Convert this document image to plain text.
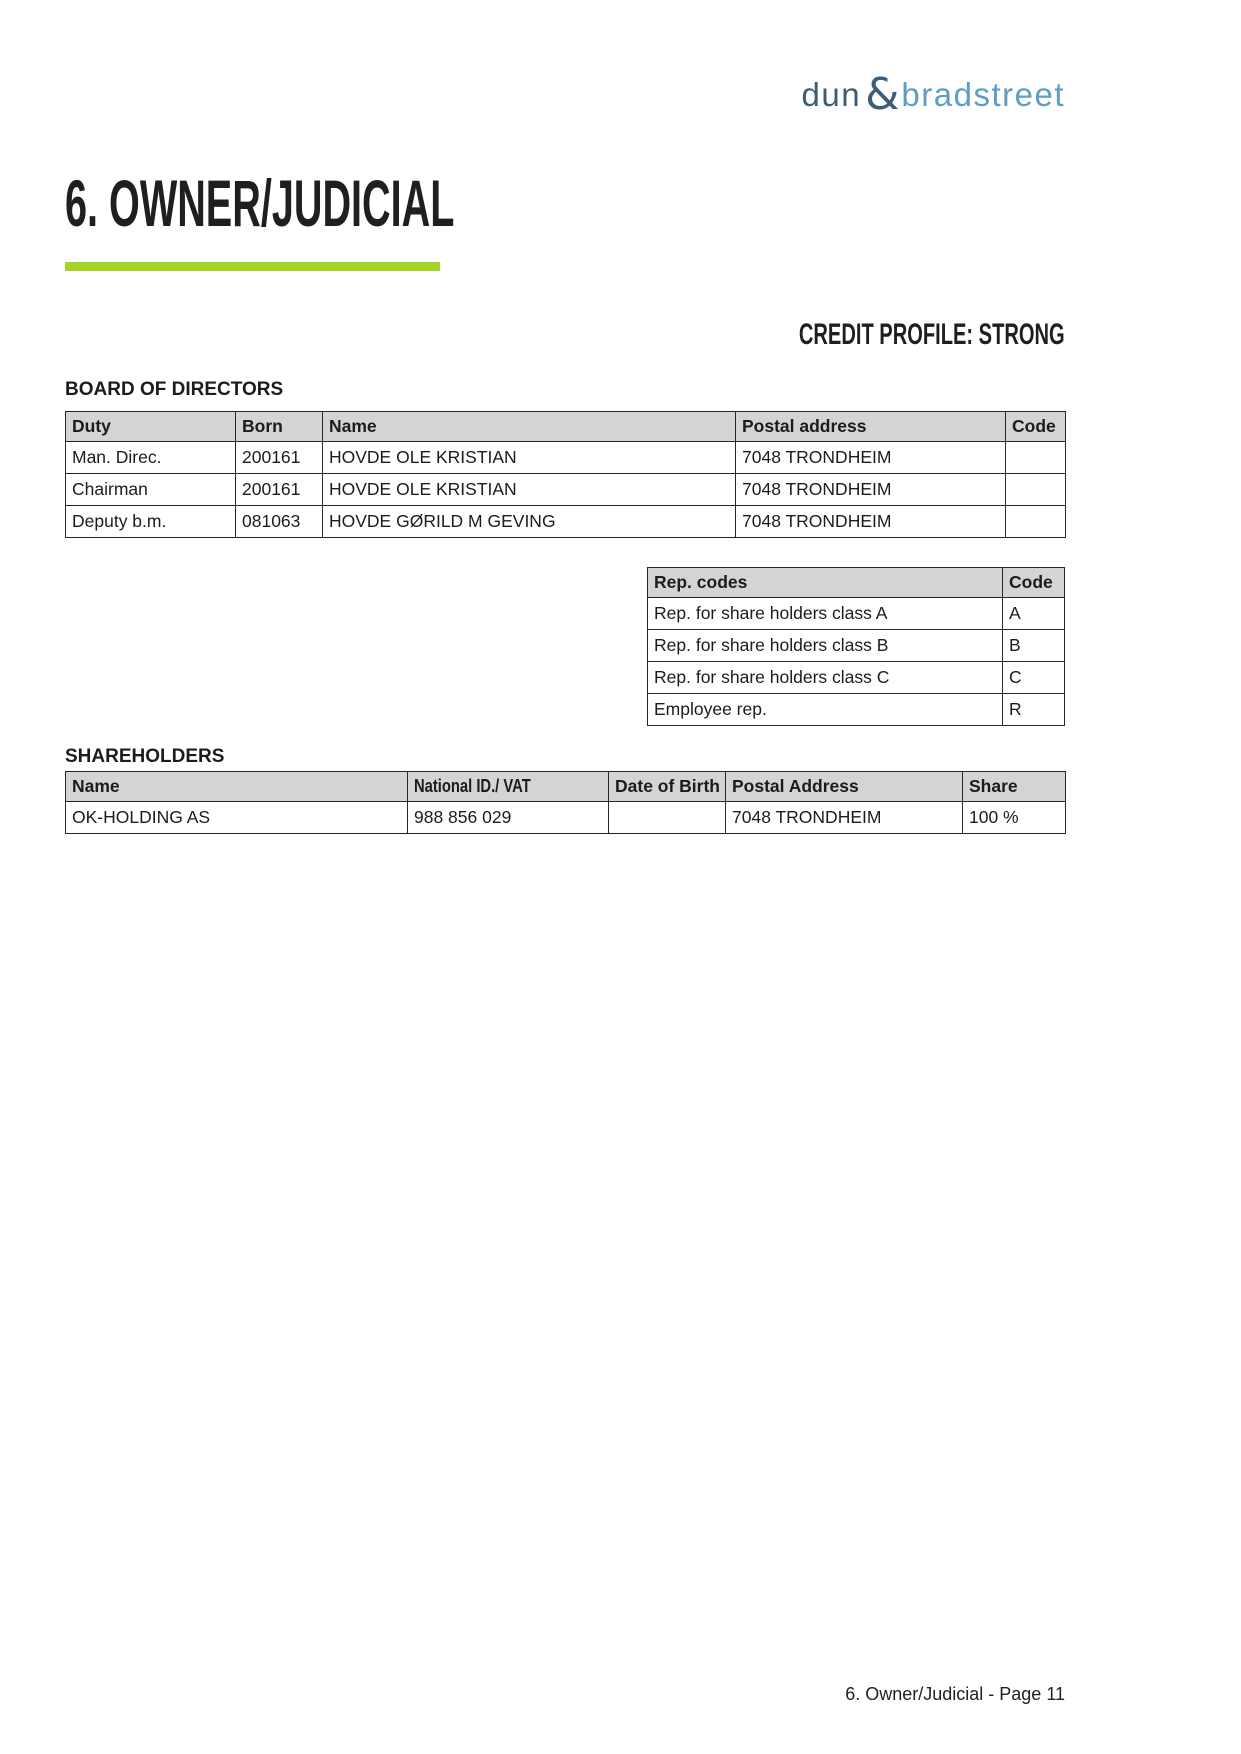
dun & bradstreet
6. OWNER/JUDICIAL
CREDIT PROFILE: STRONG
BOARD OF DIRECTORS
Duty	Born	Name	Postal address	Code
Man. Direc.	200161	HOVDE OLE KRISTIAN	7048 TRONDHEIM	
Chairman	200161	HOVDE OLE KRISTIAN	7048 TRONDHEIM	
Deputy b.m.	081063	HOVDE GØRILD M GEVING	7048 TRONDHEIM	
Rep. codes	Code
Rep. for share holders class A	A
Rep. for share holders class B	B
Rep. for share holders class C	C
Employee rep.	R
SHAREHOLDERS
Name	National ID./ VAT	Date of Birth	Postal Address	Share
OK-HOLDING AS	988 856 029		7048 TRONDHEIM	100 %
6. Owner/Judicial - Page 11
